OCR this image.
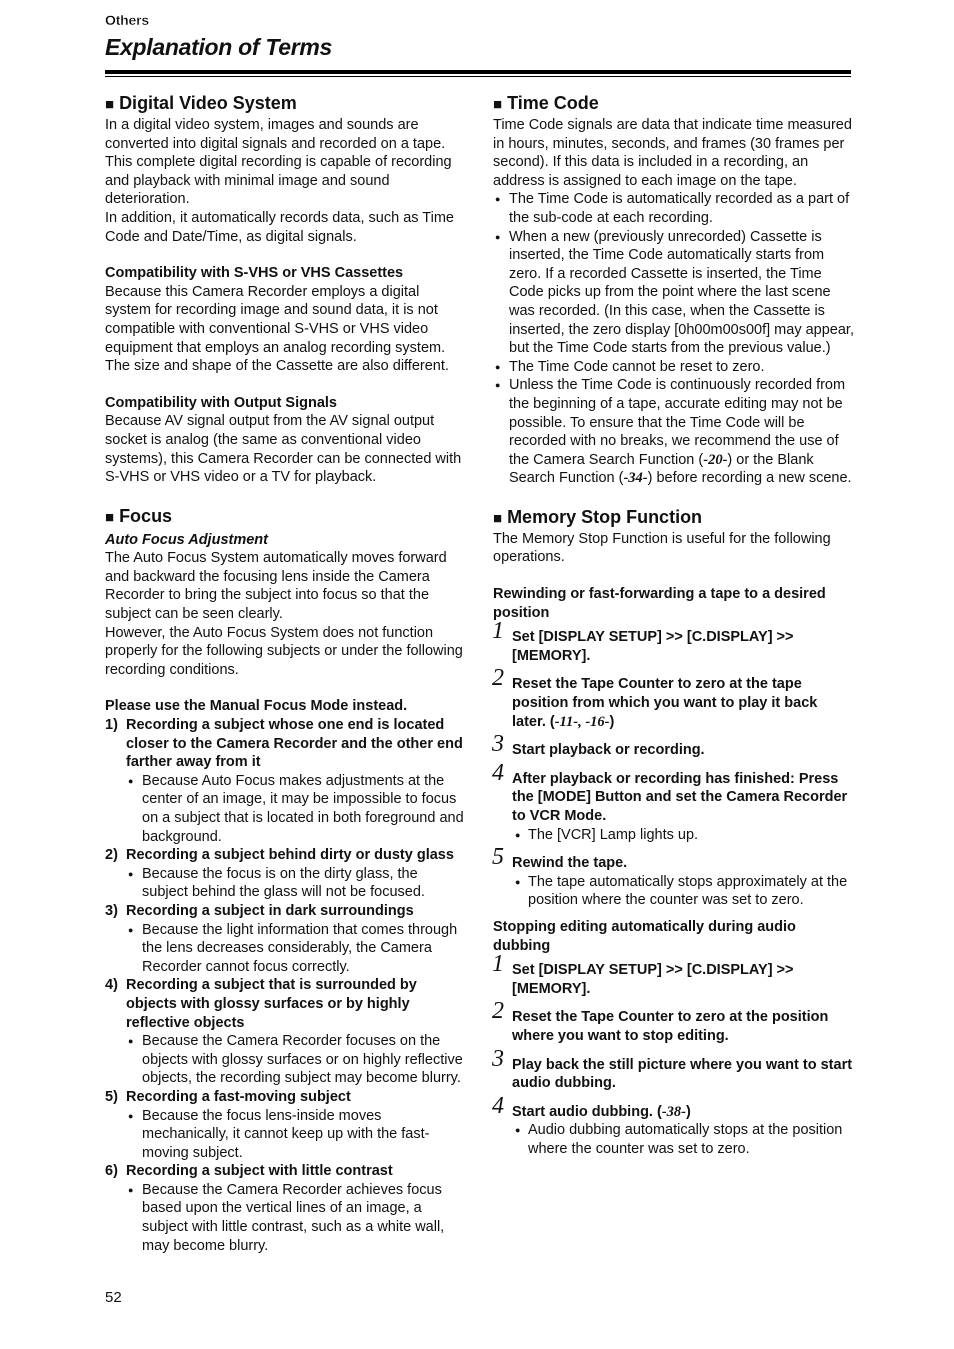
Others
Explanation of Terms
■ Digital Video System

In a digital video system, images and sounds are converted into digital signals and recorded on a tape. This complete digital recording is capable of recording and playback with minimal image and sound deterioration.

In addition, it automatically records data, such as Time Code and Date/Time, as digital signals.

Compatibility with S-VHS or VHS Cassettes

Because this Camera Recorder employs a digital system for recording image and sound data, it is not compatible with conventional S-VHS or VHS video equipment that employs an analog recording system. The size and shape of the Cassette are also different.

Compatibility with Output Signals

Because AV signal output from the AV signal output socket is analog (the same as conventional video systems), this Camera Recorder can be connected with S-VHS or VHS video or a TV for playback.

■ Focus

Auto Focus Adjustment

The Auto Focus System automatically moves forward and backward the focusing lens inside the Camera Recorder to bring the subject into focus so that the subject can be seen clearly.

However, the Auto Focus System does not function properly for the following subjects or under the following recording conditions.

Please use the Manual Focus Mode instead.

1) Recording a subject whose one end is located closer to the Camera Recorder and the other end farther away from it
● Because Auto Focus makes adjustments at the center of an image, it may be impossible to focus on a subject that is located in both foreground and background.
2) Recording a subject behind dirty or dusty glass
● Because the focus is on the dirty glass, the subject behind the glass will not be focused.
3) Recording a subject in dark surroundings
● Because the light information that comes through the lens decreases considerably, the Camera Recorder cannot focus correctly.
4) Recording a subject that is surrounded by objects with glossy surfaces or by highly reflective objects
● Because the Camera Recorder focuses on the objects with glossy surfaces or on highly reflective objects, the recording subject may become blurry.
5) Recording a fast-moving subject
● Because the focus lens-inside moves mechanically, it cannot keep up with the fast-moving subject.
6) Recording a subject with little contrast
● Because the Camera Recorder achieves focus based upon the vertical lines of an image, a subject with little contrast, such as a white wall, may become blurry.
■ Time Code

Time Code signals are data that indicate time measured in hours, minutes, seconds, and frames (30 frames per second). If this data is included in a recording, an address is assigned to each image on the tape.

● The Time Code is automatically recorded as a part of the sub-code at each recording.
● When a new (previously unrecorded) Cassette is inserted, the Time Code automatically starts from zero. If a recorded Cassette is inserted, the Time Code picks up from the point where the last scene was recorded. (In this case, when the Cassette is inserted, the zero display [0h00m00s00f] may appear, but the Time Code starts from the previous value.)
● The Time Code cannot be reset to zero.
● Unless the Time Code is continuously recorded from the beginning of a tape, accurate editing may not be possible. To ensure that the Time Code will be recorded with no breaks, we recommend the use of the Camera Search Function (-20-) or the Blank Search Function (-34-) before recording a new scene.
■ Memory Stop Function

The Memory Stop Function is useful for the following operations.

Rewinding or fast-forwarding a tape to a desired position

1 Set [DISPLAY SETUP] >> [C.DISPLAY] >> [MEMORY].
2 Reset the Tape Counter to zero at the tape position from which you want to play it back later. (-11-, -16-)
3 Start playback or recording.
4 After playback or recording has finished: Press the [MODE] Button and set the Camera Recorder to VCR Mode.
● The [VCR] Lamp lights up.
5 Rewind the tape.
● The tape automatically stops approximately at the position where the counter was set to zero.

Stopping editing automatically during audio dubbing

1 Set [DISPLAY SETUP] >> [C.DISPLAY] >> [MEMORY].
2 Reset the Tape Counter to zero at the position where you want to stop editing.
3 Play back the still picture where you want to start audio dubbing.
4 Start audio dubbing. (-38-)
● Audio dubbing automatically stops at the position where the counter was set to zero.
52
